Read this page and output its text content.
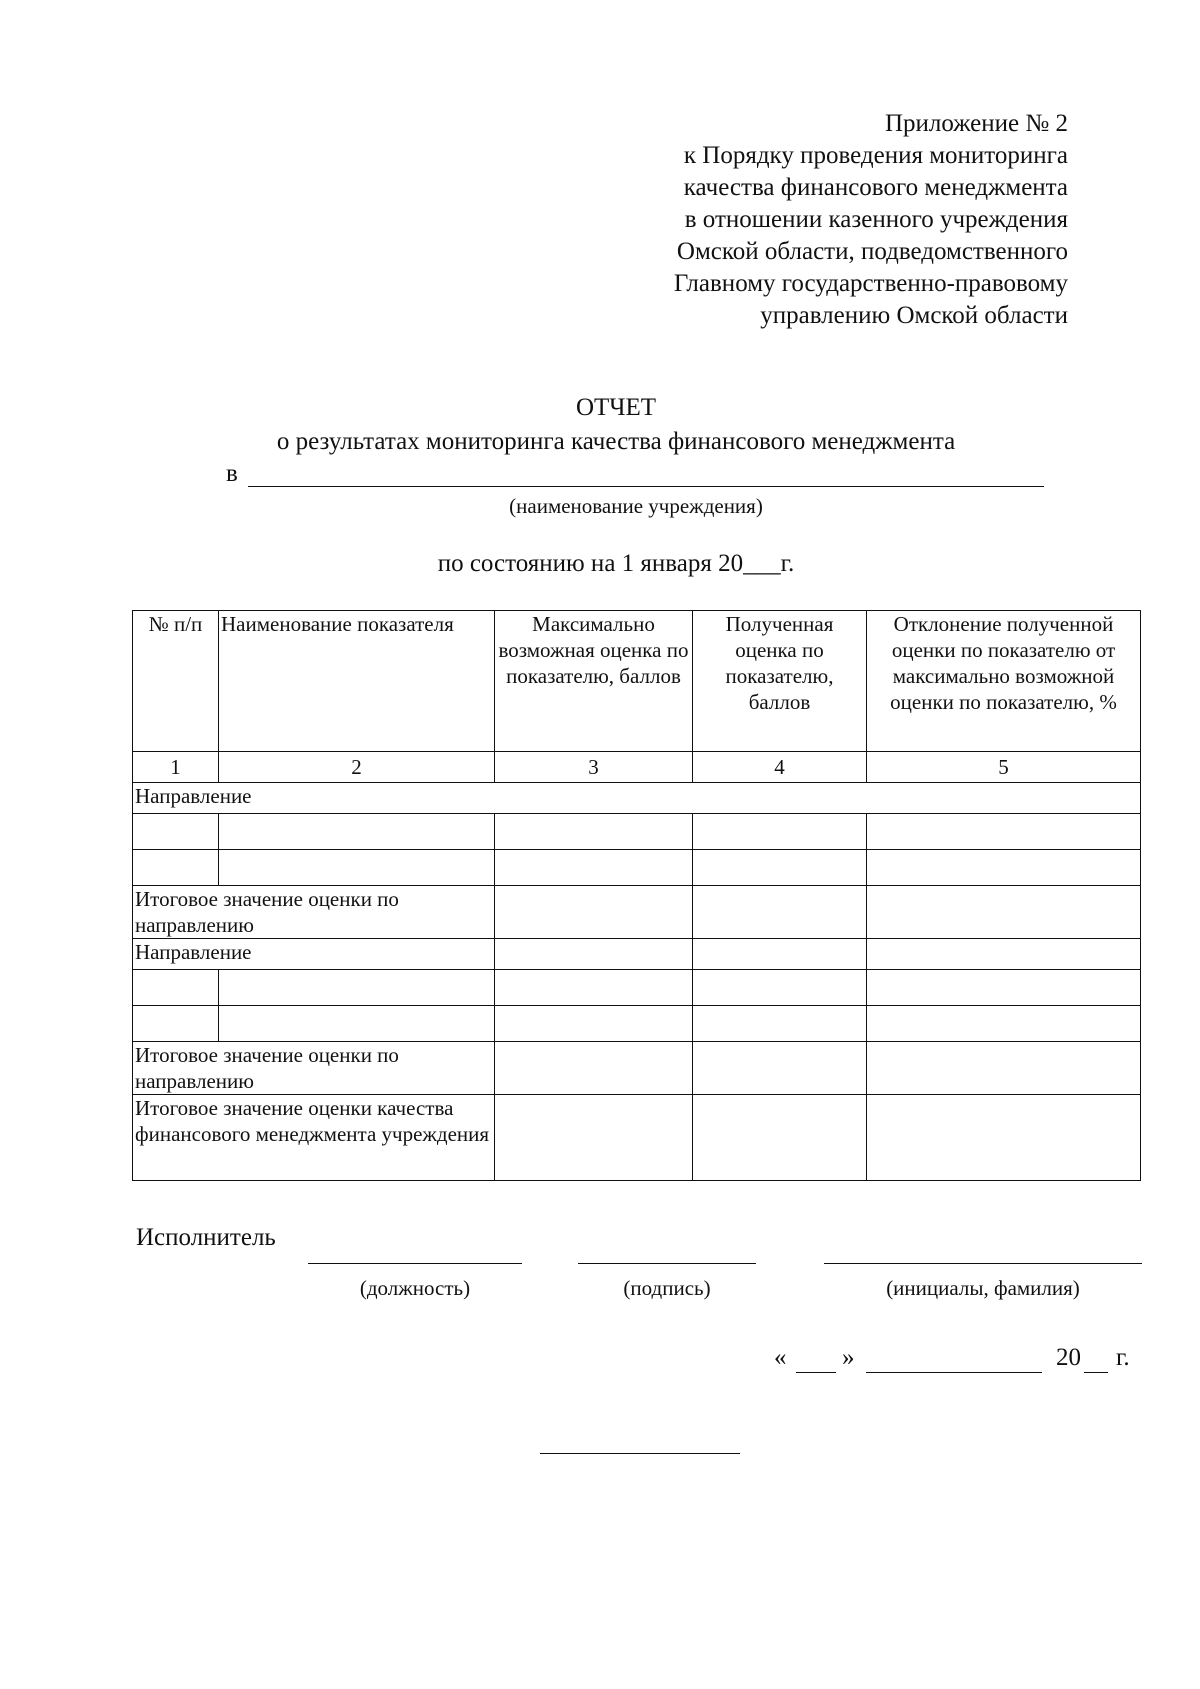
Приложение № 2
к Порядку проведения мониторинга
качества финансового менеджмента
в отношении казенного учреждения
Омской области, подведомственного
Главному государственно-правовому
управлению Омской области
ОТЧЕТ
о результатах мониторинга качества финансового менеджмента
в
(наименование учреждения)
по состоянию на 1 января 20___г.
№ п/п	Наименование показателя	Максимально возможная оценка по показателю, баллов	Полученная оценка по показателю, баллов	Отклонение полученной оценки по показателю от максимально возможной оценки по показателю, %
1	2	3	4	5
Направление				

Итоговое значение оценки по направлению				
Направление				

Итоговое значение оценки по направлению				
Итоговое значение оценки качества финансового менеджмента учреждения				
Исполнитель
(должность)	(подпись)	(инициалы, фамилия)
« »	20 г.
